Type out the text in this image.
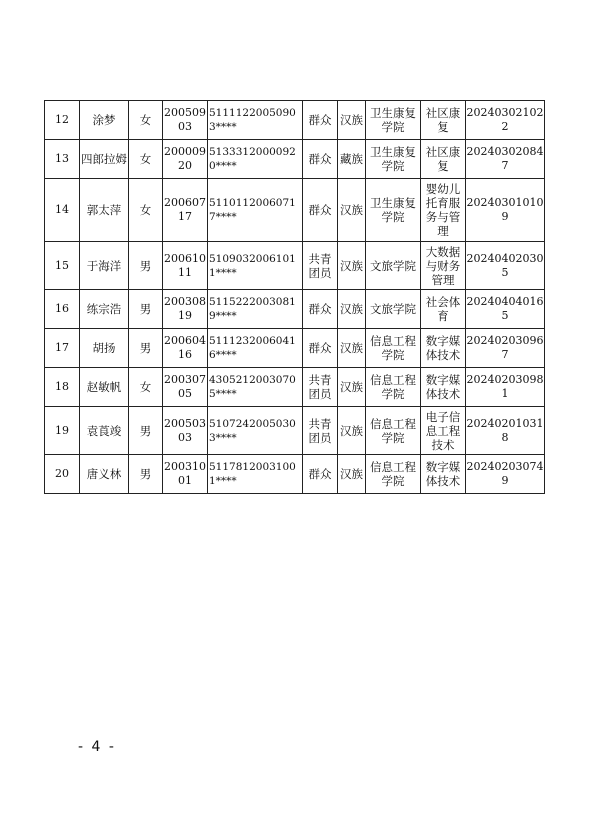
12	涂梦	女	20050903	51111220050903****	群众	汉族	卫生康复学院	社区康复	202403021022
13	四郎拉姆	女	20000920	51333120000920****	群众	藏族	卫生康复学院	社区康复	202403020847
14	郭太萍	女	20060717	51101120060717****	群众	汉族	卫生康复学院	婴幼儿托育服务与管理	202403010109
15	于海洋	男	20061011	51090320061011****	共青团员	汉族	文旅学院	大数据与财务管理	202404020305
16	练宗浩	男	20030819	51152220030819****	群众	汉族	文旅学院	社会体育	202404040165
17	胡扬	男	20060416	51112320060416****	群众	汉族	信息工程学院	数字媒体技术	202402030967
18	赵敏帆	女	20030705	43052120030705****	共青团员	汉族	信息工程学院	数字媒体技术	202402030981
19	袁莨竣	男	20050303	51072420050303****	共青团员	汉族	信息工程学院	电子信息工程技术	202402010318
20	唐义林	男	20031001	51178120031001****	群众	汉族	信息工程学院	数字媒体技术	202402030749
- 4 -
